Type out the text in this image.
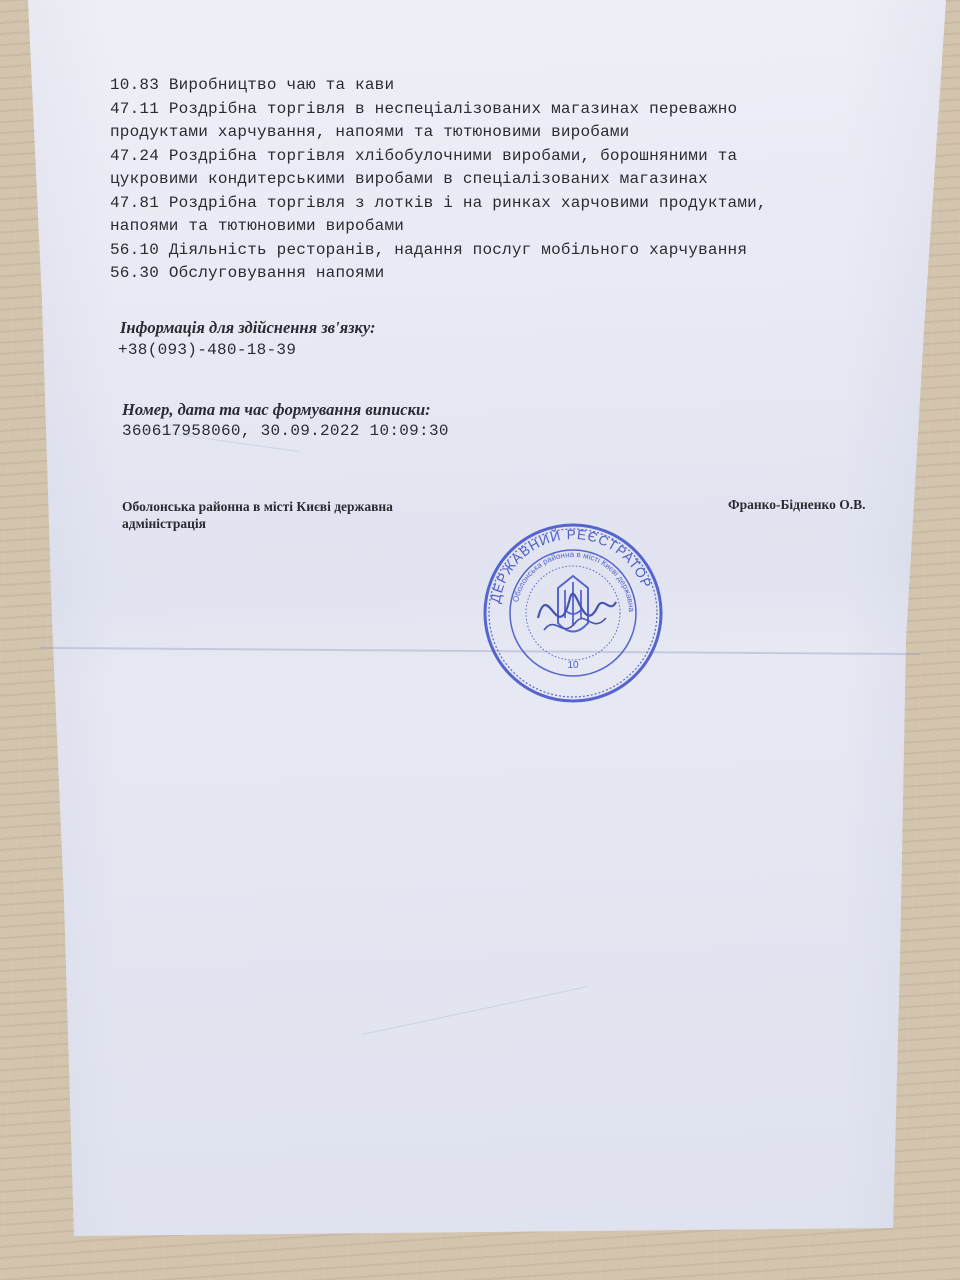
10.83 Виробництво чаю та кави
47.11 Роздрібна торгівля в неспеціалізованих магазинах переважно
продуктами харчування, напоями та тютюновими виробами
47.24 Роздрібна торгівля хлібобулочними виробами, борошняними та
цукровими кондитерськими виробами в спеціалізованих магазинах
47.81 Роздрібна торгівля з лотків і на ринках харчовими продуктами,
напоями та тютюновими виробами
56.10 Діяльність ресторанів, надання послуг мобільного харчування
56.30 Обслуговування напоями
Інформація для здійснення зв'язку:
+38(093)-480-18-39
Номер, дата та час формування виписки:
360617958060, 30.09.2022 10:09:30
Оболонська районна в місті Києві державна
адміністрація
Франко-Бідненко О.В.
ДЕРЖАВНИЙ РЕЄСТРАТОР
Оболонська районна в місті Києві державна
10
